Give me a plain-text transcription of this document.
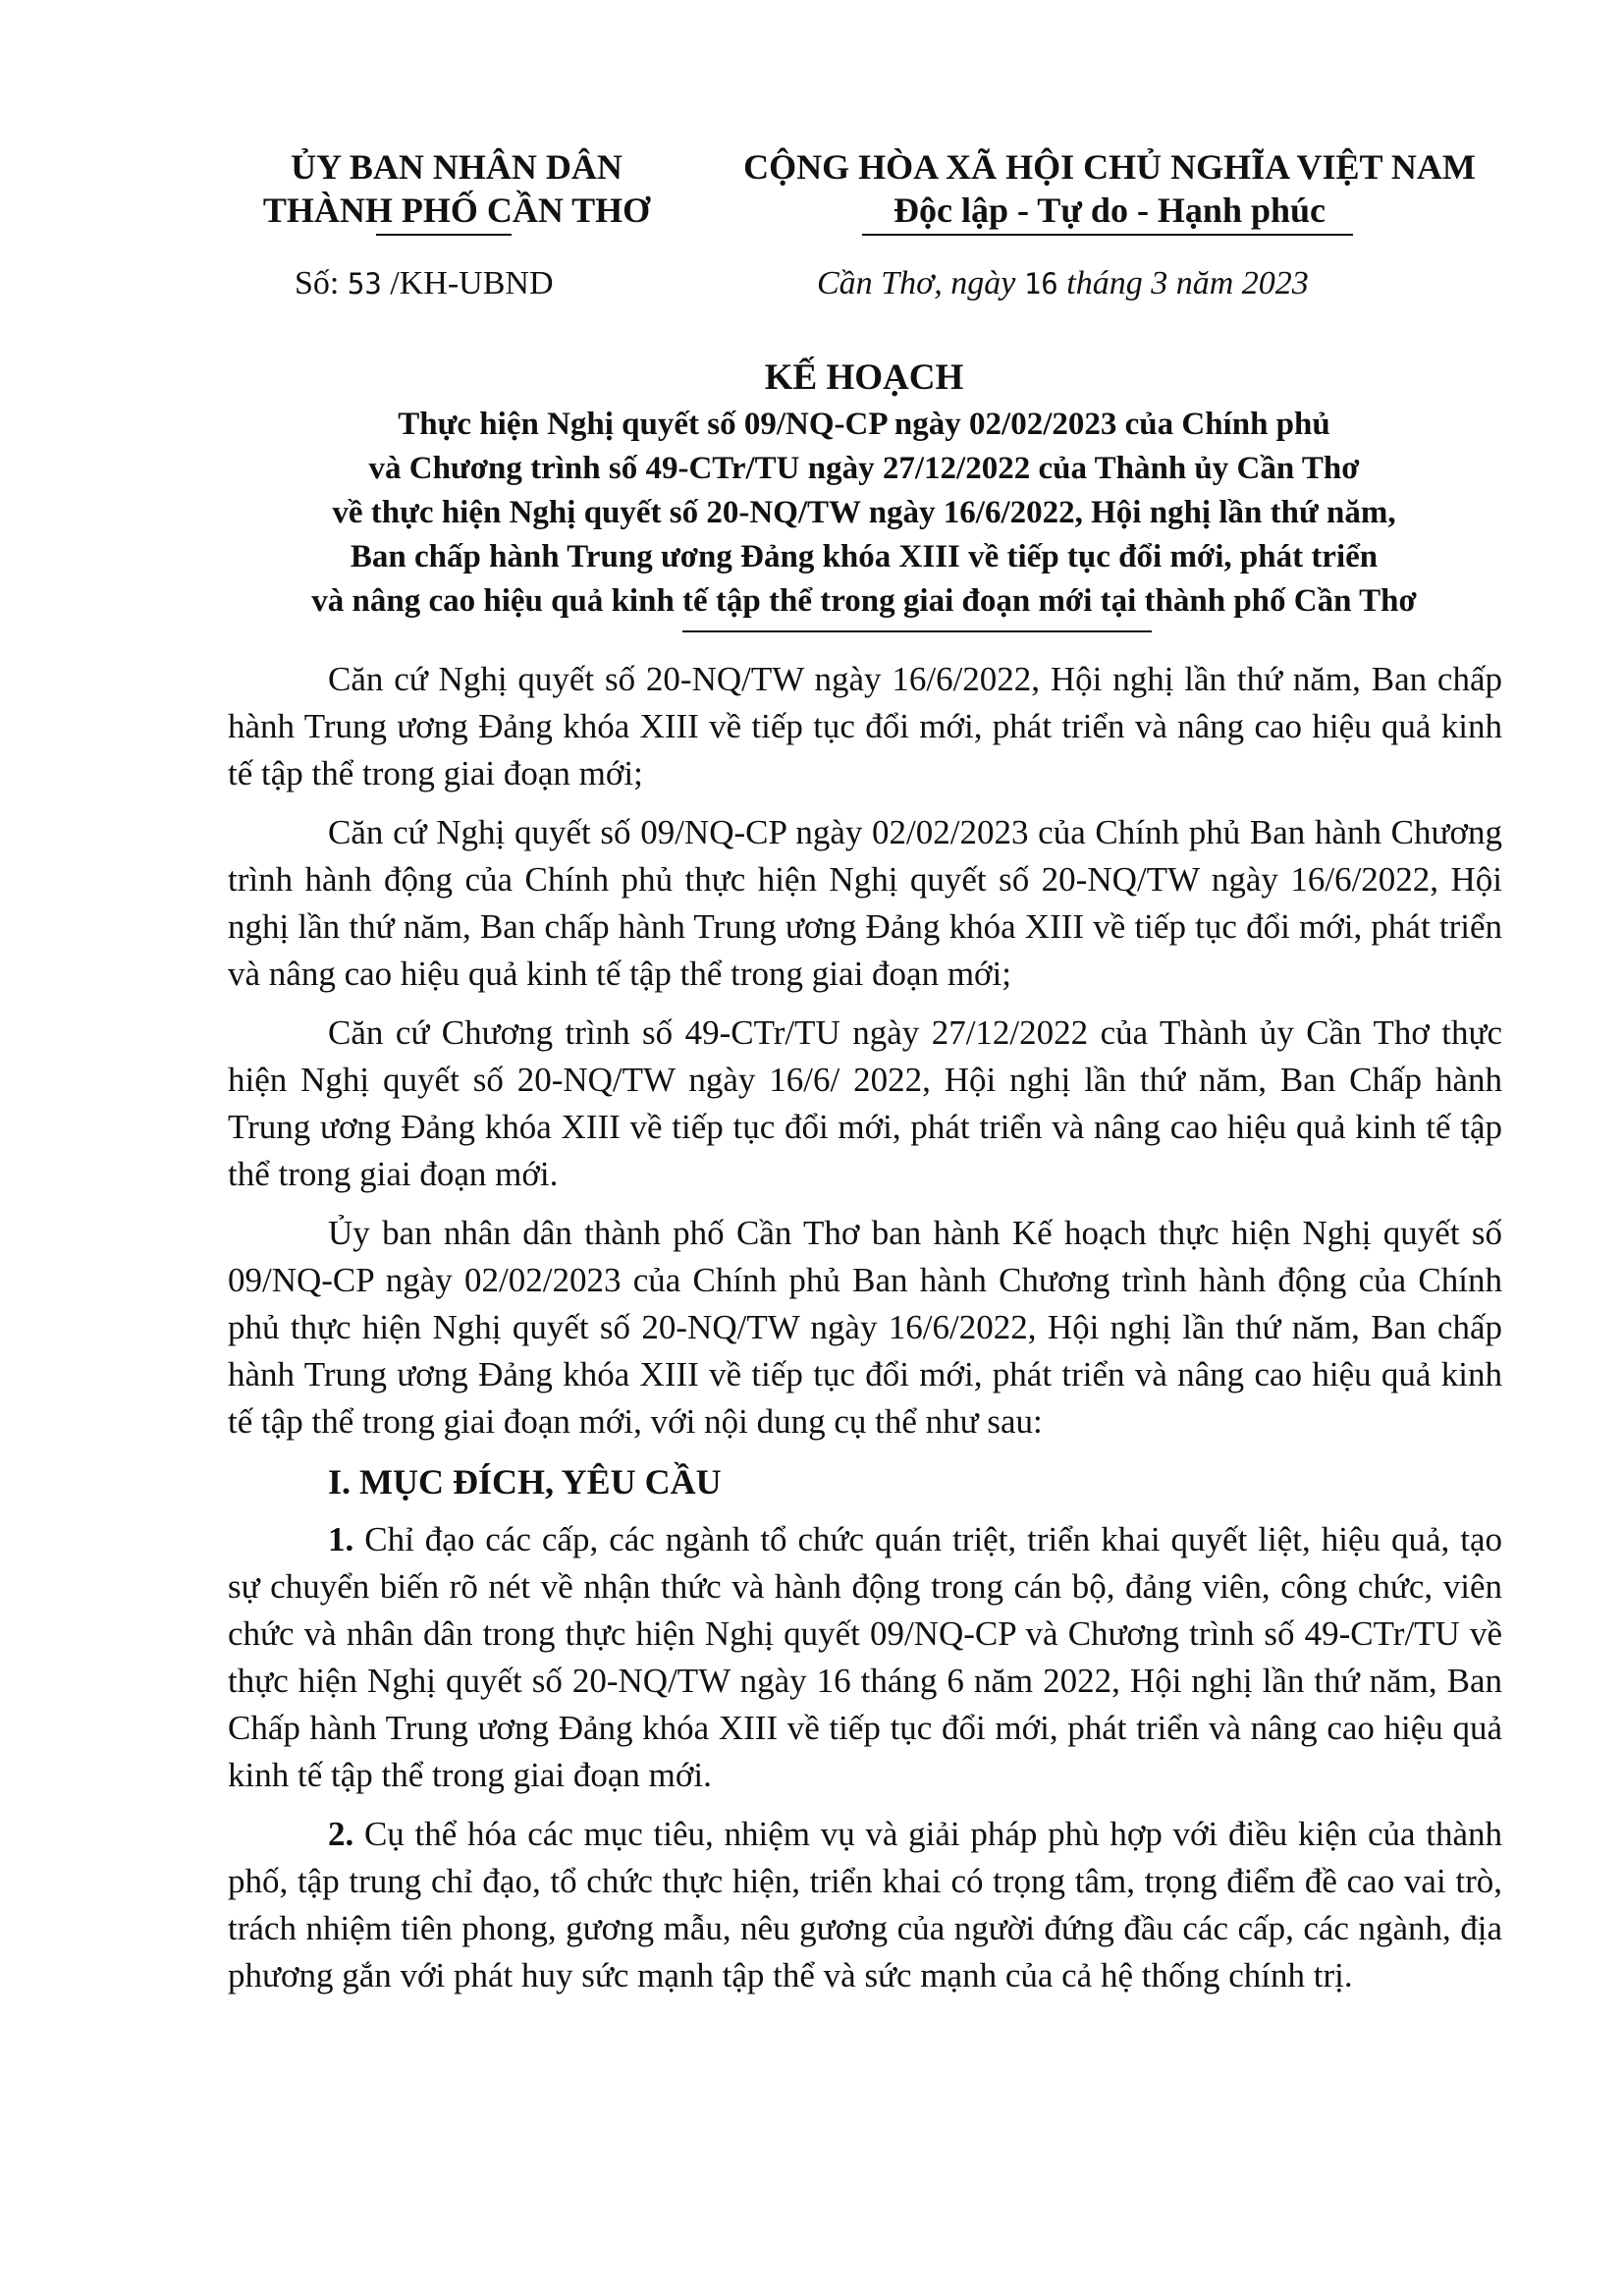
ỦY BAN NHÂN DÂN
THÀNH PHỐ CẦN THƠ
CỘNG HÒA XÃ HỘI CHỦ NGHĨA VIỆT NAM
Độc lập - Tự do - Hạnh phúc
Số: 53 /KH-UBND	Cần Thơ, ngày 16 tháng 3 năm 2023
KẾ HOẠCH
Thực hiện Nghị quyết số 09/NQ-CP ngày 02/02/2023 của Chính phủ
và Chương trình số 49-CTr/TU ngày 27/12/2022 của Thành ủy Cần Thơ
về thực hiện Nghị quyết số 20-NQ/TW ngày 16/6/2022, Hội nghị lần thứ năm,
Ban chấp hành Trung ương Đảng khóa XIII về tiếp tục đổi mới, phát triển
và nâng cao hiệu quả kinh tế tập thể trong giai đoạn mới tại thành phố Cần Thơ

Căn cứ Nghị quyết số 20-NQ/TW ngày 16/6/2022, Hội nghị lần thứ năm, Ban chấp hành Trung ương Đảng khóa XIII về tiếp tục đổi mới, phát triển và nâng cao hiệu quả kinh tế tập thể trong giai đoạn mới;

Căn cứ Nghị quyết số 09/NQ-CP ngày 02/02/2023 của Chính phủ Ban hành Chương trình hành động của Chính phủ thực hiện Nghị quyết số 20-NQ/TW ngày 16/6/2022, Hội nghị lần thứ năm, Ban chấp hành Trung ương Đảng khóa XIII về tiếp tục đổi mới, phát triển và nâng cao hiệu quả kinh tế tập thể trong giai đoạn mới;

Căn cứ Chương trình số 49-CTr/TU ngày 27/12/2022 của Thành ủy Cần Thơ thực hiện Nghị quyết số 20-NQ/TW ngày 16/6/ 2022, Hội nghị lần thứ năm, Ban Chấp hành Trung ương Đảng khóa XIII về tiếp tục đổi mới, phát triển và nâng cao hiệu quả kinh tế tập thể trong giai đoạn mới.

Ủy ban nhân dân thành phố Cần Thơ ban hành Kế hoạch thực hiện Nghị quyết số 09/NQ-CP ngày 02/02/2023 của Chính phủ Ban hành Chương trình hành động của Chính phủ thực hiện Nghị quyết số 20-NQ/TW ngày 16/6/2022, Hội nghị lần thứ năm, Ban chấp hành Trung ương Đảng khóa XIII về tiếp tục đổi mới, phát triển và nâng cao hiệu quả kinh tế tập thể trong giai đoạn mới, với nội dung cụ thể như sau:

I. MỤC ĐÍCH, YÊU CẦU

1. Chỉ đạo các cấp, các ngành tổ chức quán triệt, triển khai quyết liệt, hiệu quả, tạo sự chuyển biến rõ nét về nhận thức và hành động trong cán bộ, đảng viên, công chức, viên chức và nhân dân trong thực hiện Nghị quyết 09/NQ-CP và Chương trình số 49-CTr/TU về thực hiện Nghị quyết số 20-NQ/TW ngày 16 tháng 6 năm 2022, Hội nghị lần thứ năm, Ban Chấp hành Trung ương Đảng khóa XIII về tiếp tục đổi mới, phát triển và nâng cao hiệu quả kinh tế tập thể trong giai đoạn mới.

2. Cụ thể hóa các mục tiêu, nhiệm vụ và giải pháp phù hợp với điều kiện của thành phố, tập trung chỉ đạo, tổ chức thực hiện, triển khai có trọng tâm, trọng điểm đề cao vai trò, trách nhiệm tiên phong, gương mẫu, nêu gương của người đứng đầu các cấp, các ngành, địa phương gắn với phát huy sức mạnh tập thể và sức mạnh của cả hệ thống chính trị.
